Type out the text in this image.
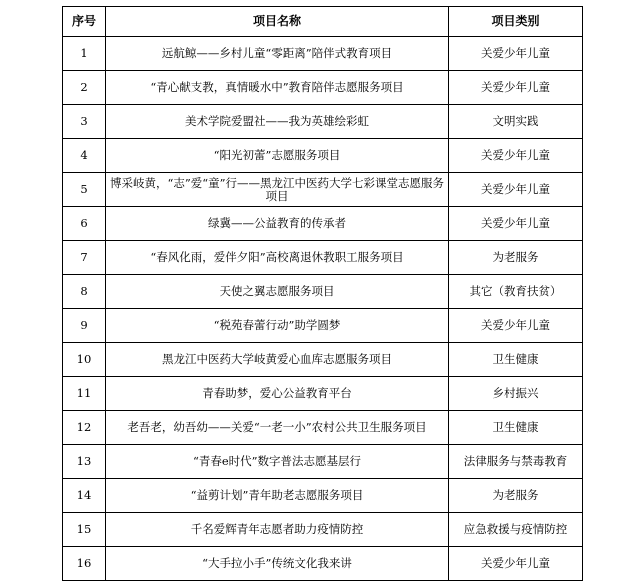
序号	项目名称	项目类别
1	远航鲸——乡村儿童“零距离”陪伴式教育项目	关爱少年儿童
2	“青心献支教，真情暖水中”教育陪伴志愿服务项目	关爱少年儿童
3	美术学院爱盟社——我为英雄绘彩虹	文明实践
4	“阳光初蕾”志愿服务项目	关爱少年儿童
5	博采岐黄，“志”爱“童”行——黑龙江中医药大学七彩课堂志愿服务项目	关爱少年儿童
6	绿冀——公益教育的传承者	关爱少年儿童
7	“春风化雨，爱伴夕阳”高校离退休教职工服务项目	为老服务
8	天使之翼志愿服务项目	其它（教育扶贫）
9	“税苑春蕾行动”助学圆梦	关爱少年儿童
10	黑龙江中医药大学岐黄爱心血库志愿服务项目	卫生健康
11	青春助梦，爱心公益教育平台	乡村振兴
12	老吾老，幼吾幼——关爱“一老一小”农村公共卫生服务项目	卫生健康
13	“青春e时代”数字普法志愿基层行	法律服务与禁毒教育
14	“益剪计划”青年助老志愿服务项目	为老服务
15	千名爱辉青年志愿者助力疫情防控	应急救援与疫情防控
16	“大手拉小手”传统文化我来讲	关爱少年儿童
